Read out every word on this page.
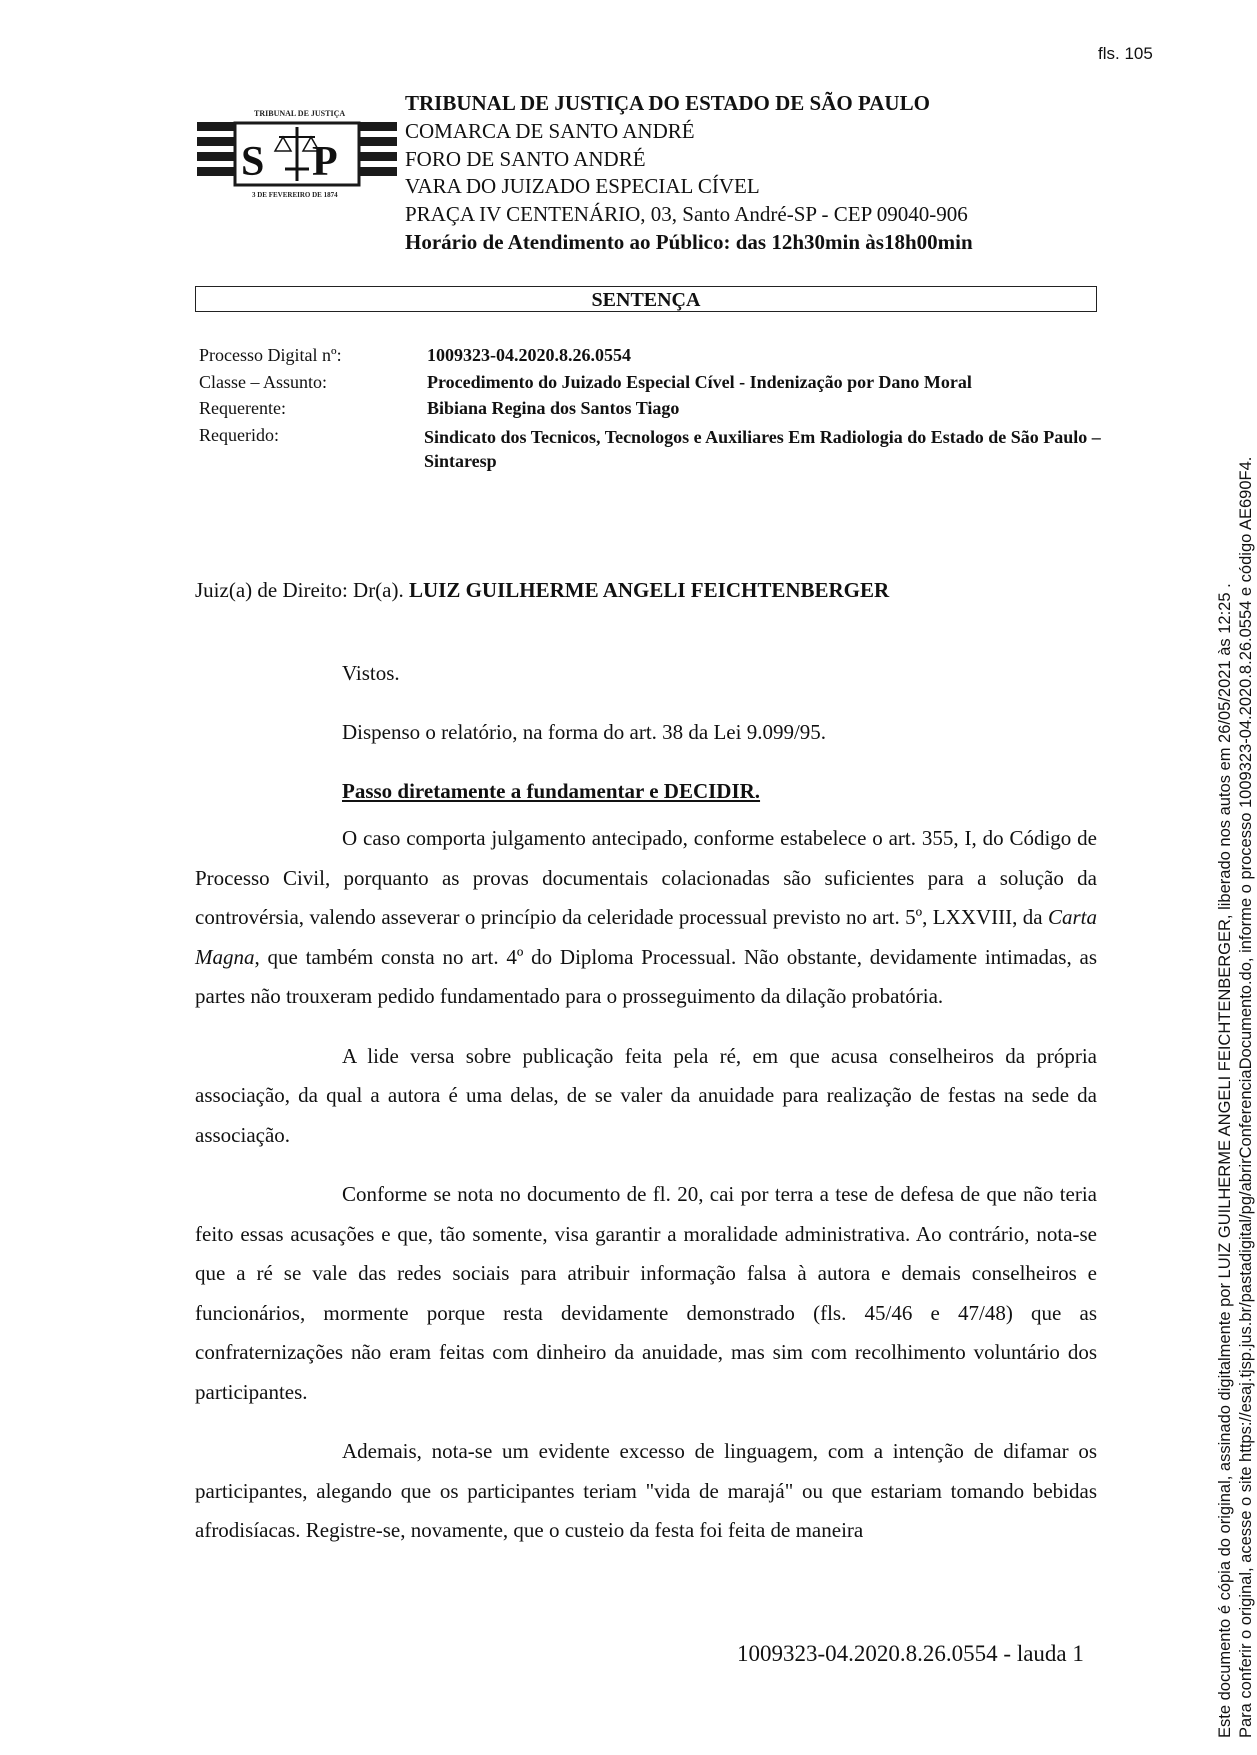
fls. 105
TRIBUNAL DE JUSTIÇA
S P
3 DE FEVEREIRO DE 1874
TRIBUNAL DE JUSTIÇA DO ESTADO DE SÃO PAULO
COMARCA DE SANTO ANDRÉ
FORO DE SANTO ANDRÉ
VARA DO JUIZADO ESPECIAL CÍVEL
PRAÇA IV CENTENÁRIO, 03, Santo André-SP - CEP 09040-906
Horário de Atendimento ao Público: das 12h30min às18h00min
SENTENÇA
Processo Digital nº:	1009323-04.2020.8.26.0554
Classe – Assunto:	Procedimento do Juizado Especial Cível - Indenização por Dano Moral
Requerente:	Bibiana Regina dos Santos Tiago
Requerido:	Sindicato dos Tecnicos, Tecnologos e Auxiliares Em Radiologia do Estado de São Paulo – Sintaresp
Juiz(a) de Direito: Dr(a). LUIZ GUILHERME ANGELI FEICHTENBERGER

Vistos.

Dispenso o relatório, na forma do art. 38 da Lei 9.099/95.

Passo diretamente a fundamentar e DECIDIR.

O caso comporta julgamento antecipado, conforme estabelece o art. 355, I, do Código de Processo Civil, porquanto as provas documentais colacionadas são suficientes para a solução da controvérsia, valendo asseverar o princípio da celeridade processual previsto no art. 5º, LXXVIII, da Carta Magna, que também consta no art. 4º do Diploma Processual. Não obstante, devidamente intimadas, as partes não trouxeram pedido fundamentado para o prosseguimento da dilação probatória.

A lide versa sobre publicação feita pela ré, em que acusa conselheiros da própria associação, da qual a autora é uma delas, de se valer da anuidade para realização de festas na sede da associação.

Conforme se nota no documento de fl. 20, cai por terra a tese de defesa de que não teria feito essas acusações e que, tão somente, visa garantir a moralidade administrativa. Ao contrário, nota-se que a ré se vale das redes sociais para atribuir informação falsa à autora e demais conselheiros e funcionários, mormente porque resta devidamente demonstrado (fls. 45/46 e 47/48) que as confraternizações não eram feitas com dinheiro da anuidade, mas sim com recolhimento voluntário dos participantes.

Ademais, nota-se um evidente excesso de linguagem, com a intenção de difamar os participantes, alegando que os participantes teriam "vida de marajá" ou que estariam tomando bebidas afrodisíacas. Registre-se, novamente, que o custeio da festa foi feita de maneira

1009323-04.2020.8.26.0554 - lauda 1	Este documento é cópia do original, assinado digitalmente por LUIZ GUILHERME ANGELI FEICHTENBERGER, liberado nos autos em 26/05/2021 às 12:25 . Para conferir o original, acesse o site https://esaj.tjsp.jus.br/pastadigital/pg/abrirConferenciaDocumento.do, informe o processo 1009323-04.2020.8.26.0554 e código AE690F4.
